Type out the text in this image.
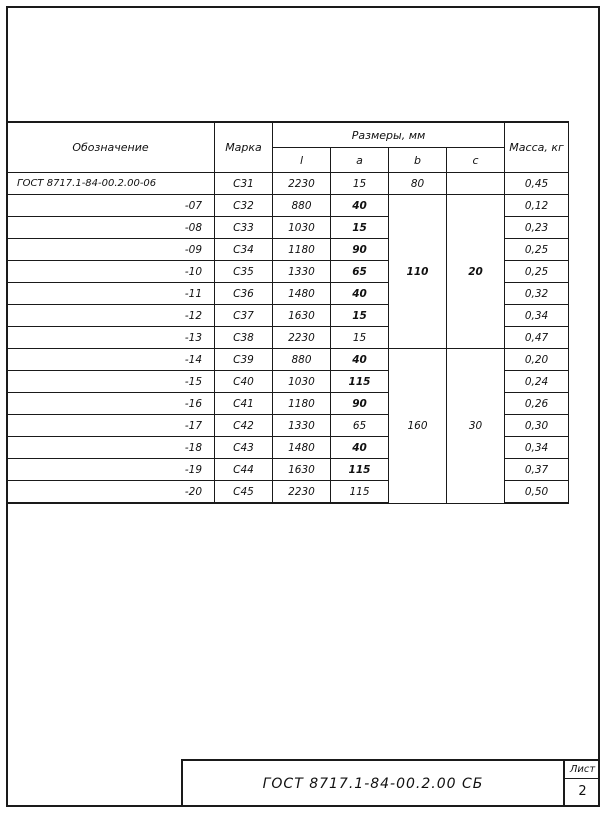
Обозначение	Марка	Размеры, мм				Масса, кг
		l	a	b	c	
ГОСТ 8717.1-84-00.2.00-06	С31	2230	15	80		0,45
-07	С32	880	40	110	20	0,12
-08	С33	1030	15			0,23
-09	С34	1180	90			0,25
-10	С35	1330	65			0,25
-11	С36	1480	40			0,32
-12	С37	1630	15			0,34
-13	С38	2230	15			0,47
-14	С39	880	40	160	30	0,20
-15	С40	1030	115			0,24
-16	С41	1180	90			0,26
-17	С42	1330	65			0,30
-18	С43	1480	40			0,34
-19	С44	1630	115			0,37
-20	С45	2230	115			0,50
ГОСТ 8717.1-84-00.2.00 СБ
Лист
2
